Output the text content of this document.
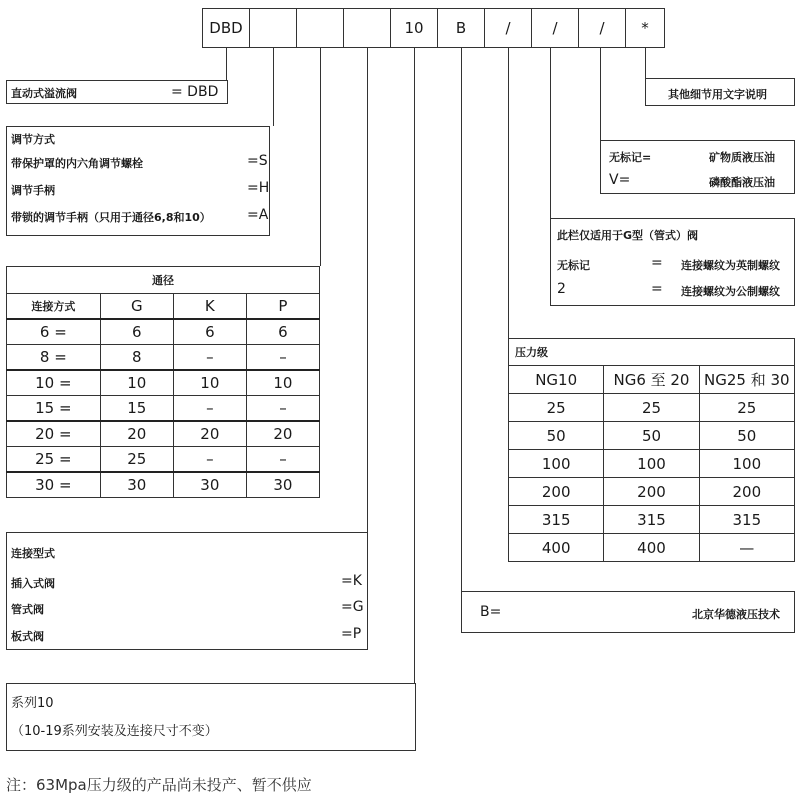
DBD	10	B	/	/	/	*
直动式溢流阀	= DBD
调节方式
带保护罩的内六角调节螺栓	=S
调节手柄	=H
带锁的调节手柄（只用于通径6,8和10）	=A
通径			
连接方式	G	K	P
6 =	6	6	6
8 =	8	–	–
10 =	10	10	10
15 =	15	–	–
20 =	20	20	20
25 =	25	–	–
30 =	30	30	30
连接型式
插入式阀	=K
管式阀	=G
板式阀	=P
系列10
（10-19系列安装及连接尺寸不变）
注：63Mpa压力级的产品尚未投产、暂不供应
其他细节用文字说明
无标记=	矿物质液压油
V=	磷酸酯液压油
此栏仅适用于G型（管式）阀
无标记	= 连接螺纹为英制螺纹
2	= 连接螺纹为公制螺纹
压力级		
NG10	NG6 至 20	NG25 和 30
25	25	25
50	50	50
100	100	100
200	200	200
315	315	315
400	400	—
B=	北京华德液压技术
